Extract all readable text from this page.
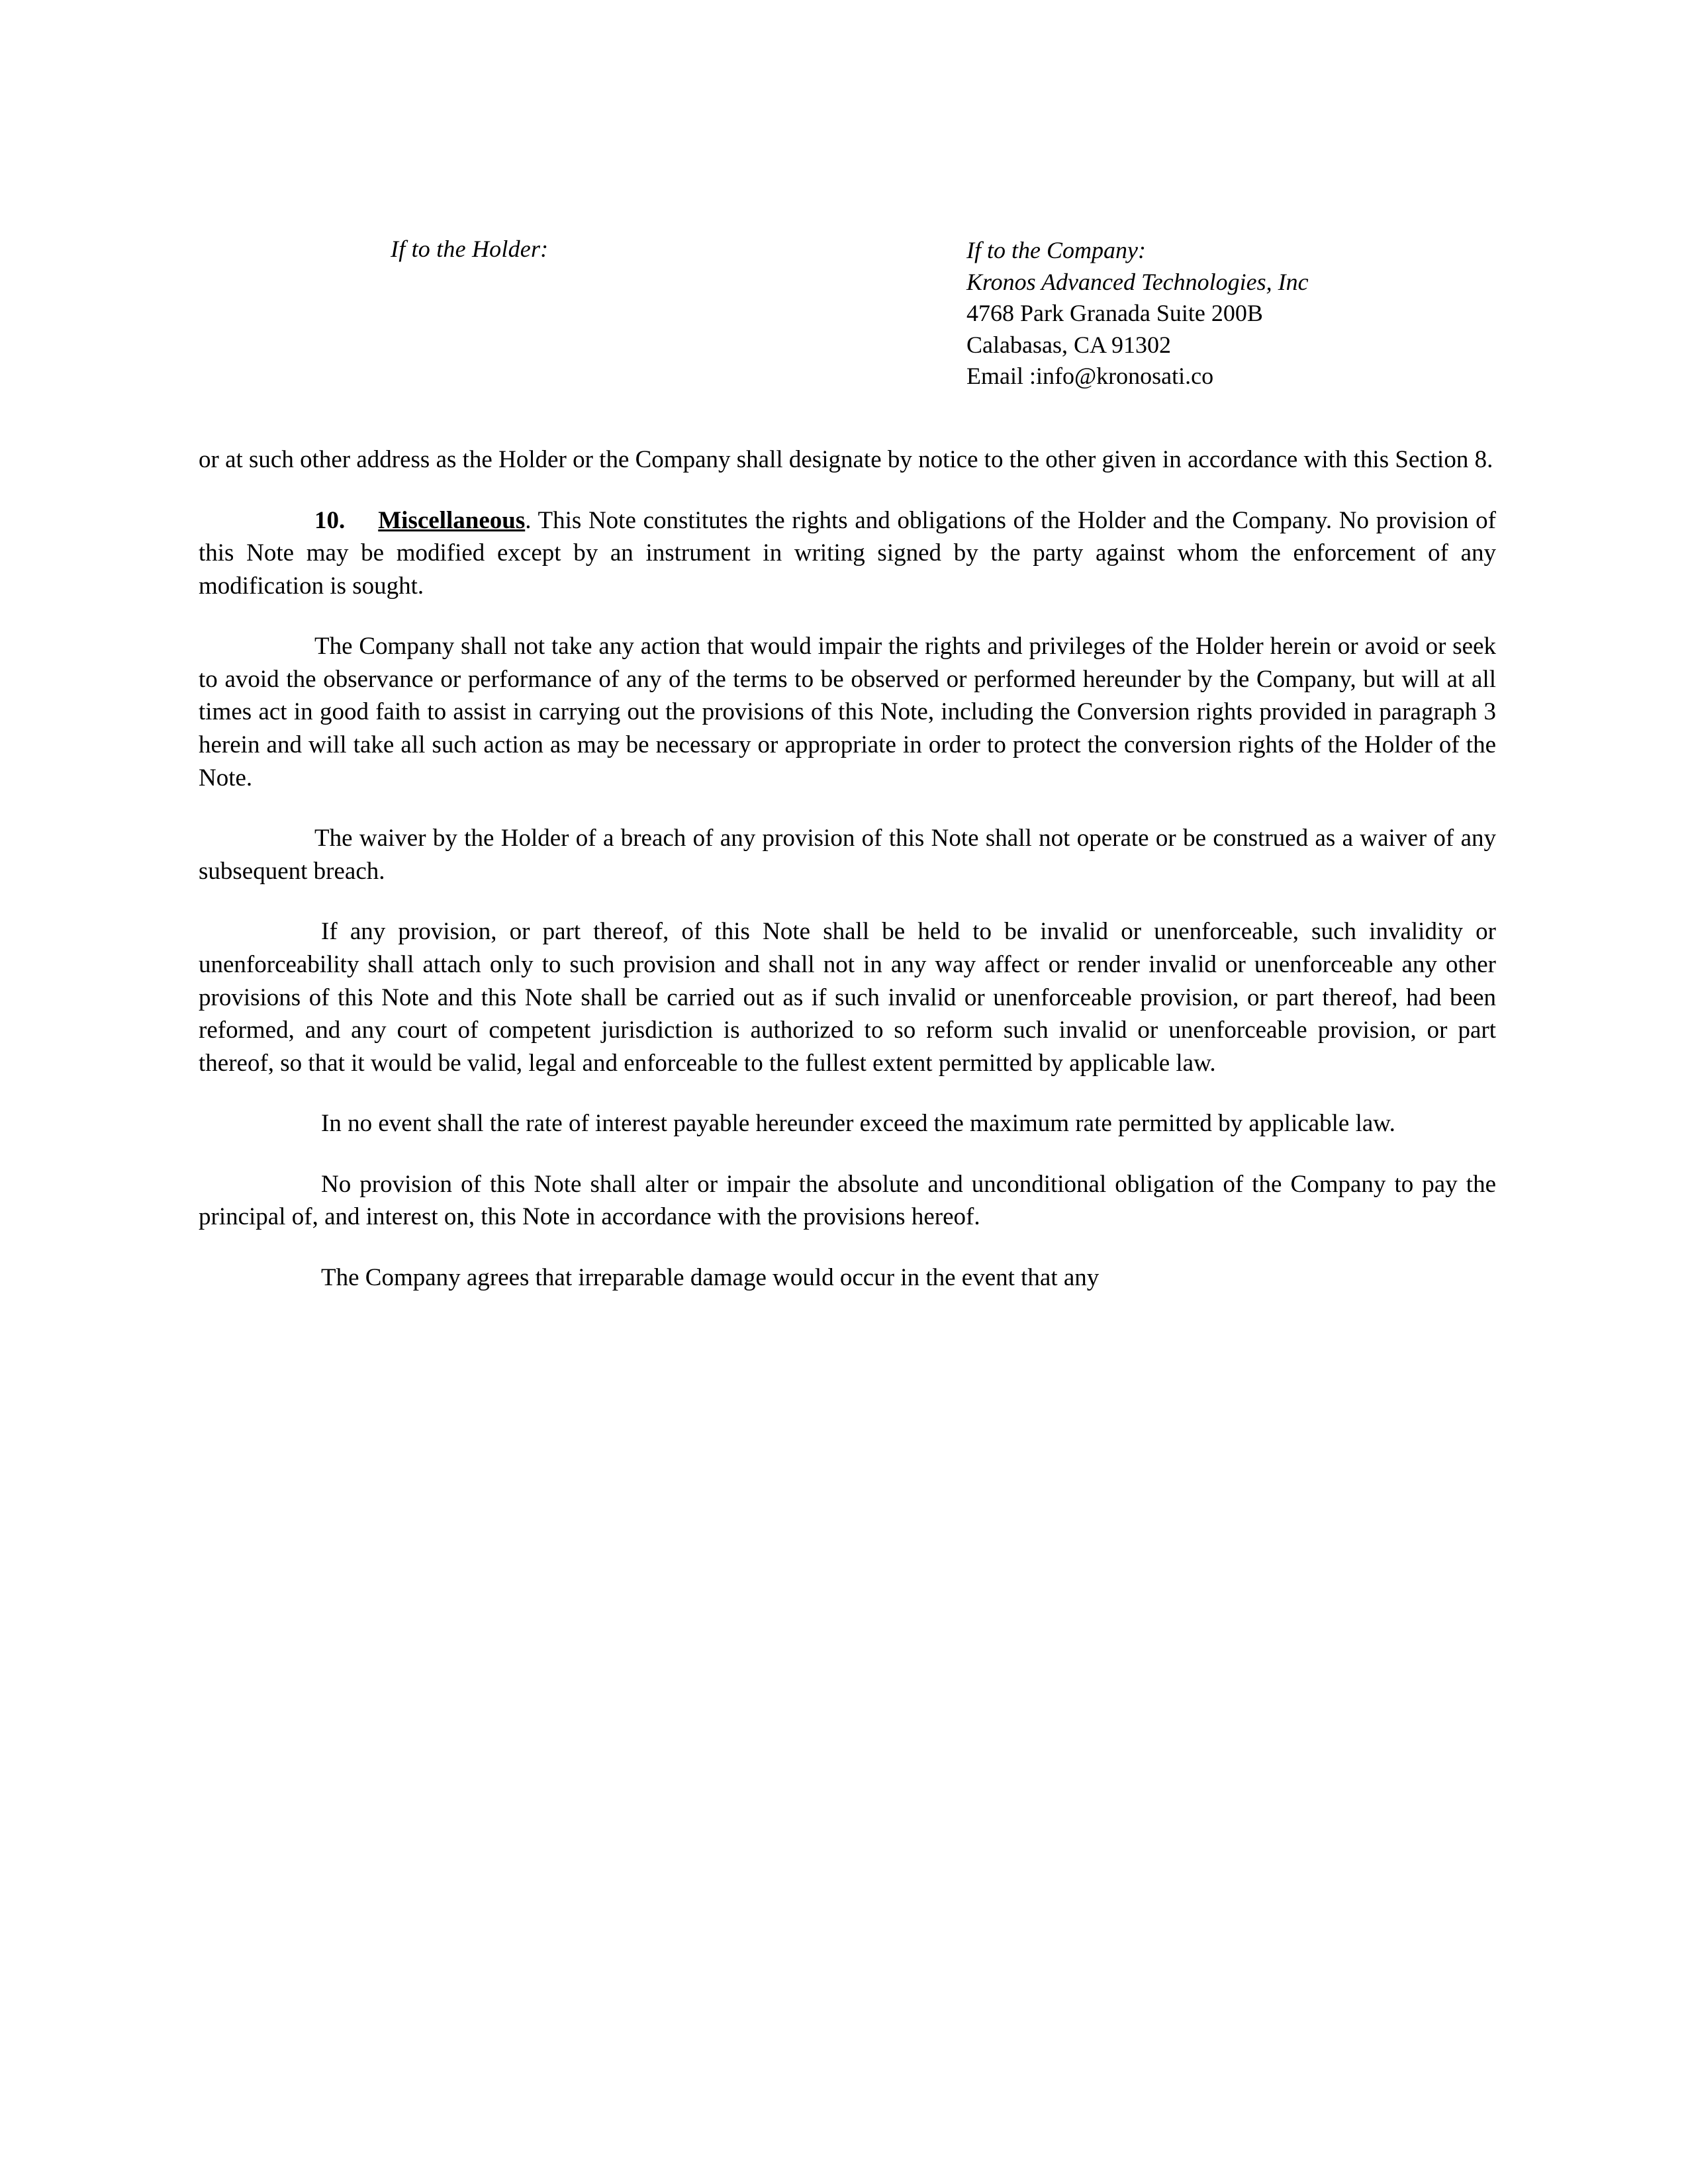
If to the Holder:	If to the Company:
Kronos Advanced Technologies, Inc
4768 Park Granada Suite 200B
Calabasas, CA 91302
Email :info@kronosati.co

or at such other address as the Holder or the Company shall designate by notice to the other given in accordance with this Section 8.

10. Miscellaneous. This Note constitutes the rights and obligations of the Holder and the Company. No provision of this Note may be modified except by an instrument in writing signed by the party against whom the enforcement of any modification is sought.

The Company shall not take any action that would impair the rights and privileges of the Holder herein or avoid or seek to avoid the observance or performance of any of the terms to be observed or performed hereunder by the Company, but will at all times act in good faith to assist in carrying out the provisions of this Note, including the Conversion rights provided in paragraph 3 herein and will take all such action as may be necessary or appropriate in order to protect the conversion rights of the Holder of the Note.

The waiver by the Holder of a breach of any provision of this Note shall not operate or be construed as a waiver of any subsequent breach.

If any provision, or part thereof, of this Note shall be held to be invalid or unenforceable, such invalidity or unenforceability shall attach only to such provision and shall not in any way affect or render invalid or unenforceable any other provisions of this Note and this Note shall be carried out as if such invalid or unenforceable provision, or part thereof, had been reformed, and any court of competent jurisdiction is authorized to so reform such invalid or unenforceable provision, or part thereof, so that it would be valid, legal and enforceable to the fullest extent permitted by applicable law.

In no event shall the rate of interest payable hereunder exceed the maximum rate permitted by applicable law.

No provision of this Note shall alter or impair the absolute and unconditional obligation of the Company to pay the principal of, and interest on, this Note in accordance with the provisions hereof.

The Company agrees that irreparable damage would occur in the event that any
